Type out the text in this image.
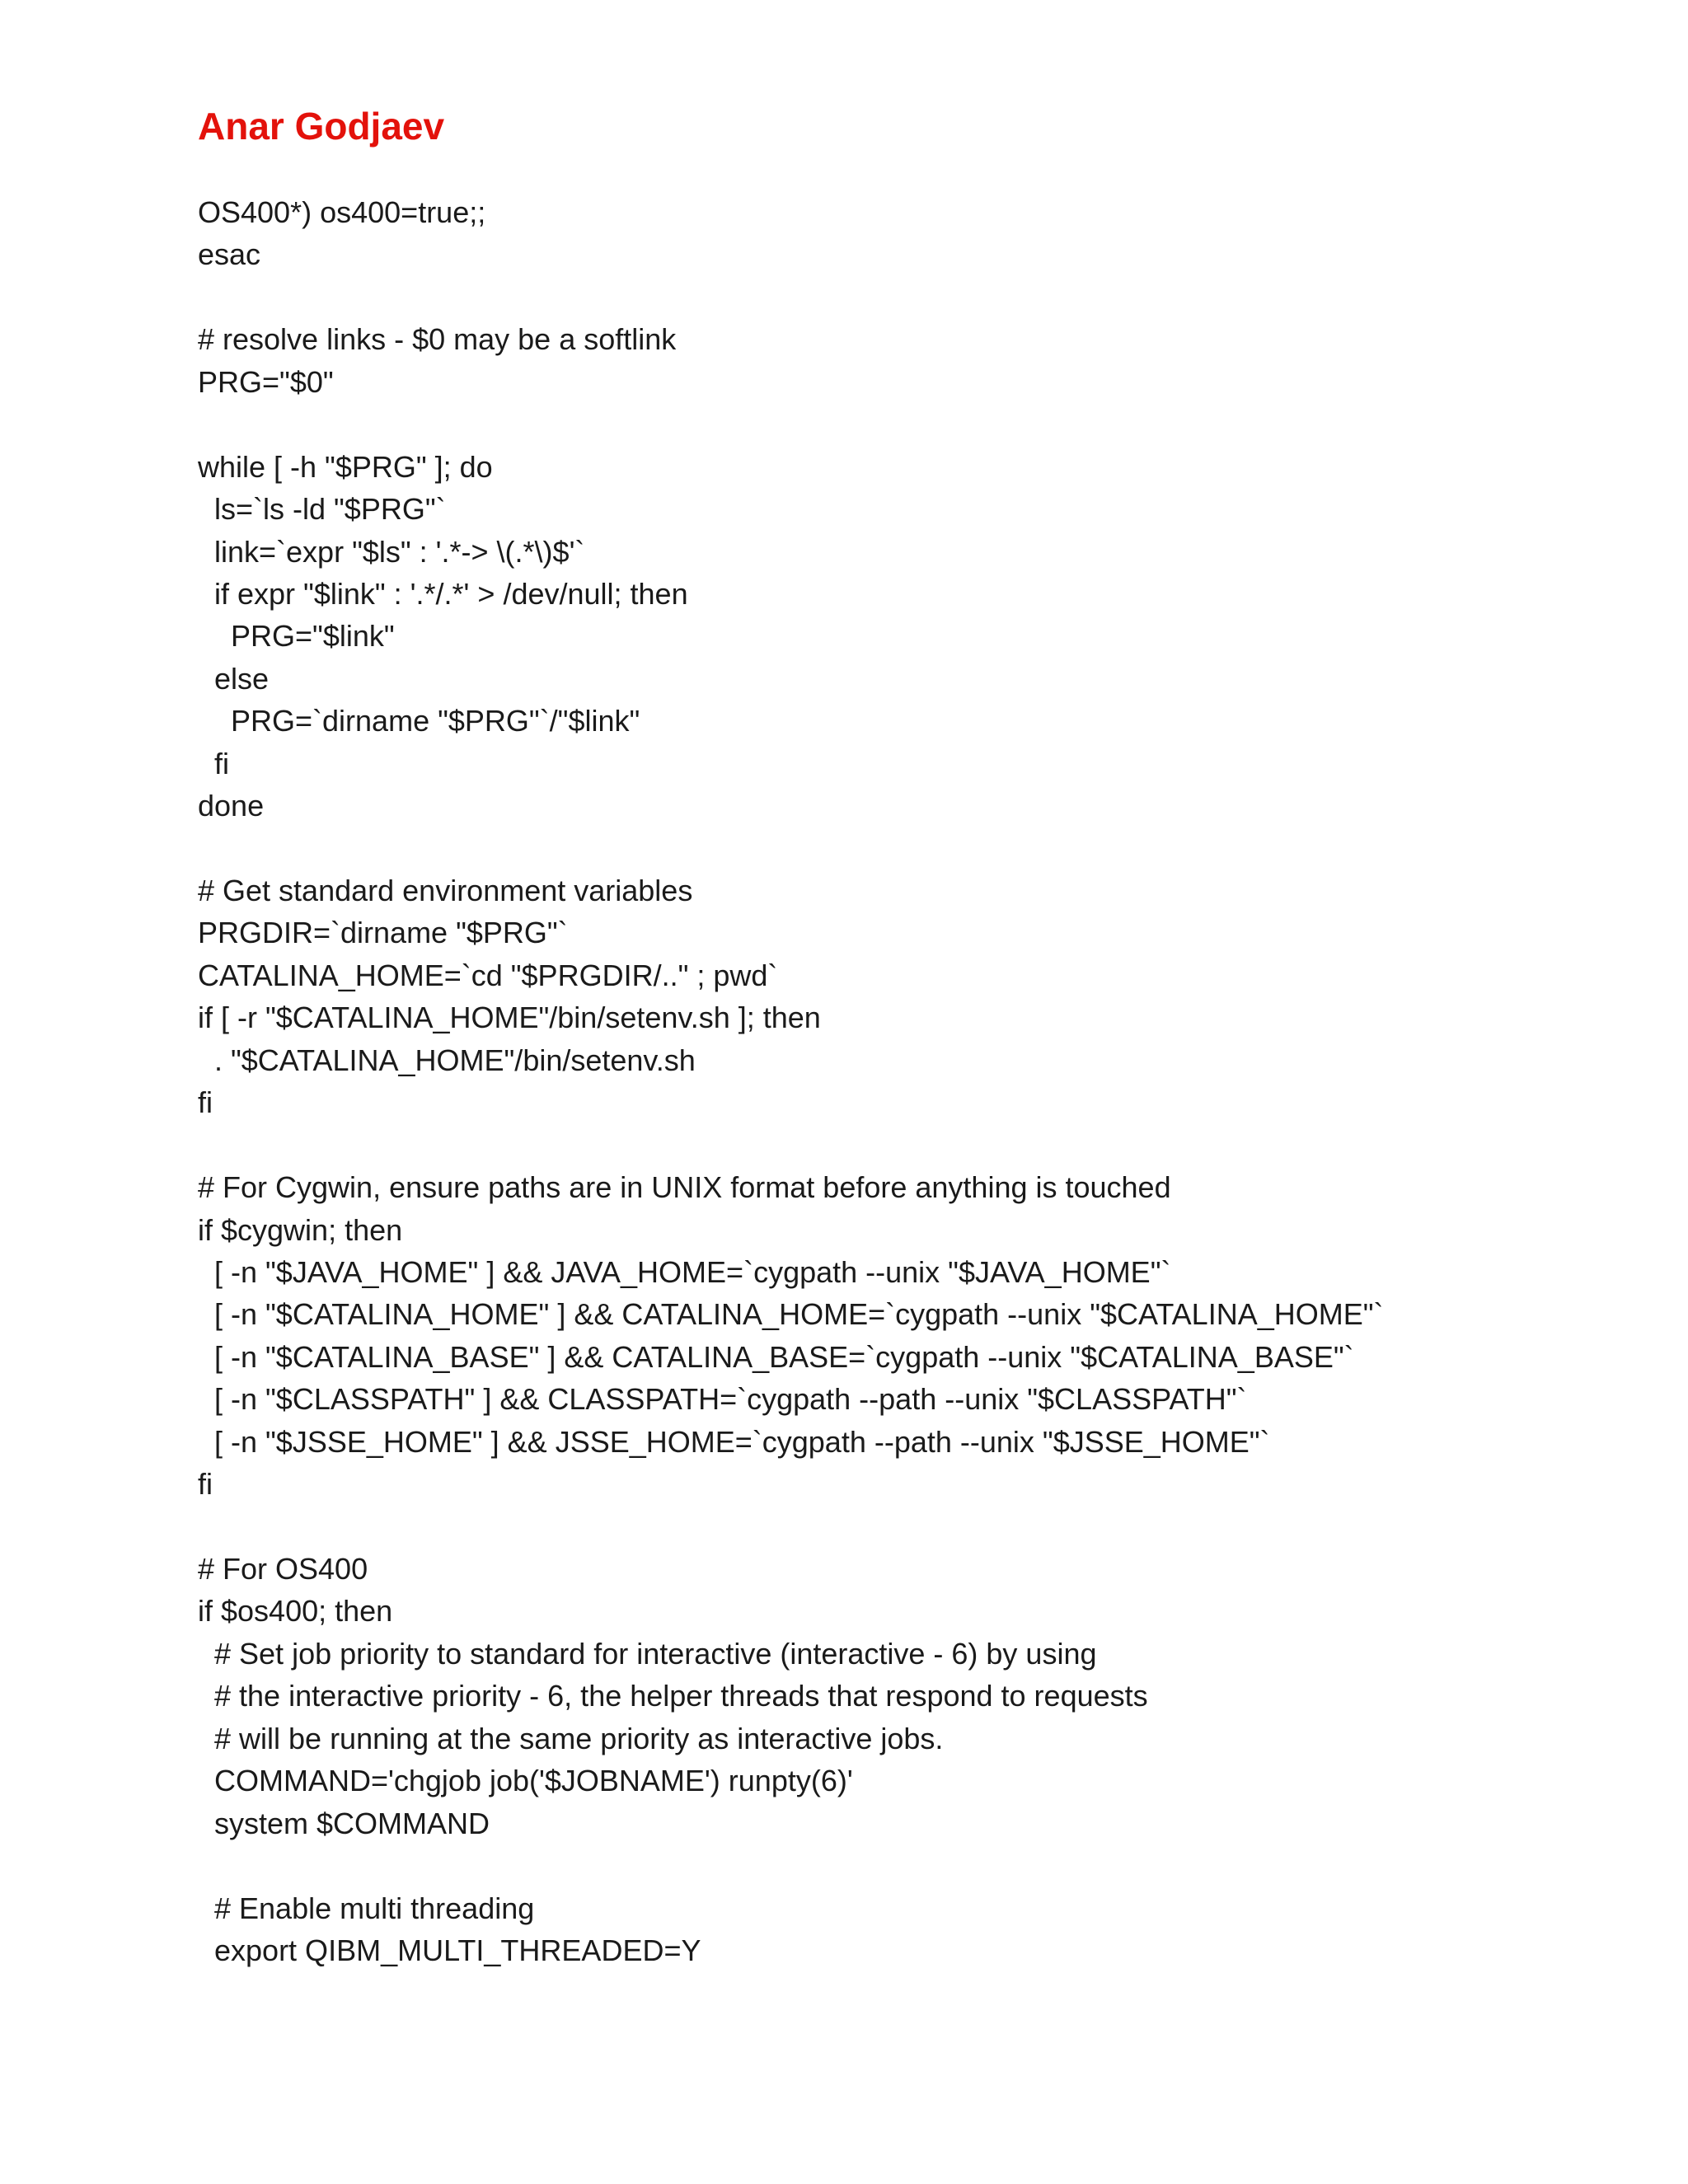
Anar Godjaev
OS400*) os400=true;;
esac
# resolve links - $0 may be a softlink
PRG="$0"
while [ -h "$PRG" ]; do
ls=`ls -ld "$PRG"`
link=`expr "$ls" : '.*-> \(.*\)$'`
if expr "$link" : '.*/.*' > /dev/null; then
PRG="$link"
else
PRG=`dirname "$PRG"`/"$link"
fi
done
# Get standard environment variables
PRGDIR=`dirname "$PRG"`
CATALINA_HOME=`cd "$PRGDIR/.." ; pwd`
if [ -r "$CATALINA_HOME"/bin/setenv.sh ]; then
. "$CATALINA_HOME"/bin/setenv.sh
fi
# For Cygwin, ensure paths are in UNIX format before anything is touched
if $cygwin; then
[ -n "$JAVA_HOME" ] && JAVA_HOME=`cygpath --unix "$JAVA_HOME"`
[ -n "$CATALINA_HOME" ] && CATALINA_HOME=`cygpath --unix "$CATALINA_HOME"`
[ -n "$CATALINA_BASE" ] && CATALINA_BASE=`cygpath --unix "$CATALINA_BASE"`
[ -n "$CLASSPATH" ] && CLASSPATH=`cygpath --path --unix "$CLASSPATH"`
[ -n "$JSSE_HOME" ] && JSSE_HOME=`cygpath --path --unix "$JSSE_HOME"`
fi
# For OS400
if $os400; then
# Set job priority to standard for interactive (interactive - 6) by using
# the interactive priority - 6, the helper threads that respond to requests
# will be running at the same priority as interactive jobs.
COMMAND='chgjob job('$JOBNAME') runpty(6)'
system $COMMAND
# Enable multi threading
export QIBM_MULTI_THREADED=Y
